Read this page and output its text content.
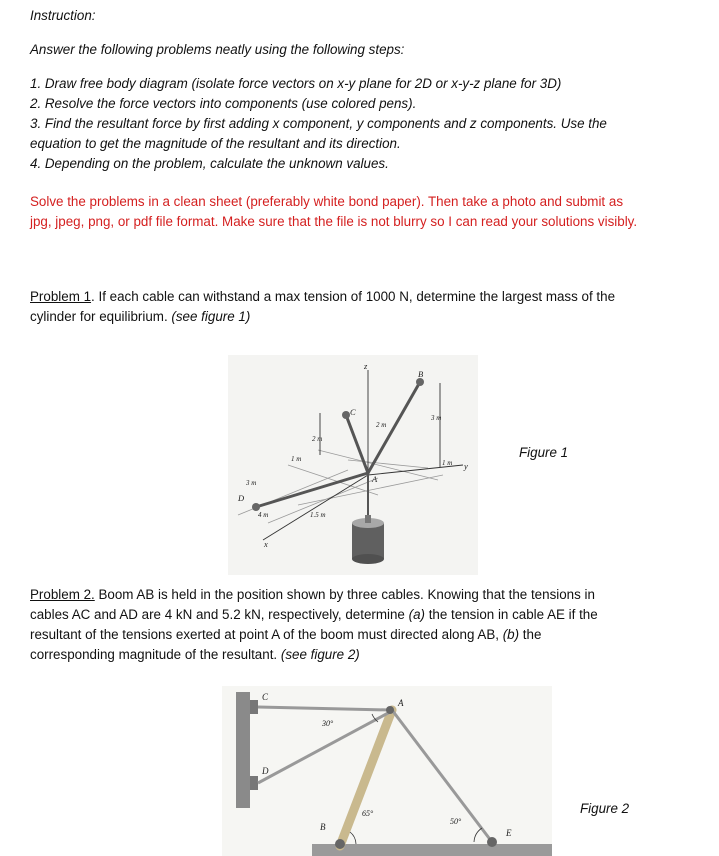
Instruction:
Answer the following problems neatly using the following steps:
1. Draw free body diagram (isolate force vectors on x-y plane for 2D or x-y-z plane for 3D)
2. Resolve the force vectors into components (use colored pens).
3. Find the resultant force by first adding x component, y components and z components. Use the
equation to get the magnitude of the resultant and its direction.
4. Depending on the problem, calculate the unknown values.
Solve the problems in a clean sheet (preferably white bond paper). Then take a photo and submit as
jpg, jpeg, png, or pdf file format. Make sure that the file is not blurry so I can read your solutions visibly.
Problem 1. If each cable can withstand a max tension of 1000 N, determine the largest mass of the
cylinder for equilibrium. (see figure 1)
z
y
x
A
B
C
D
3 m
4 m
1 m
2 m
1.5 m
2 m
3 m
1 m
Figure 1
Problem 2. Boom AB is held in the position shown by three cables. Knowing that the tensions in
cables AC and AD are 4 kN and 5.2 kN, respectively, determine (a) the tension in cable AE if the
resultant of the tensions exerted at point A of the boom must directed along AB, (b) the
corresponding magnitude of the resultant. (see figure 2)
C
D
A
B
E
30°
65°
50°
Figure 2
